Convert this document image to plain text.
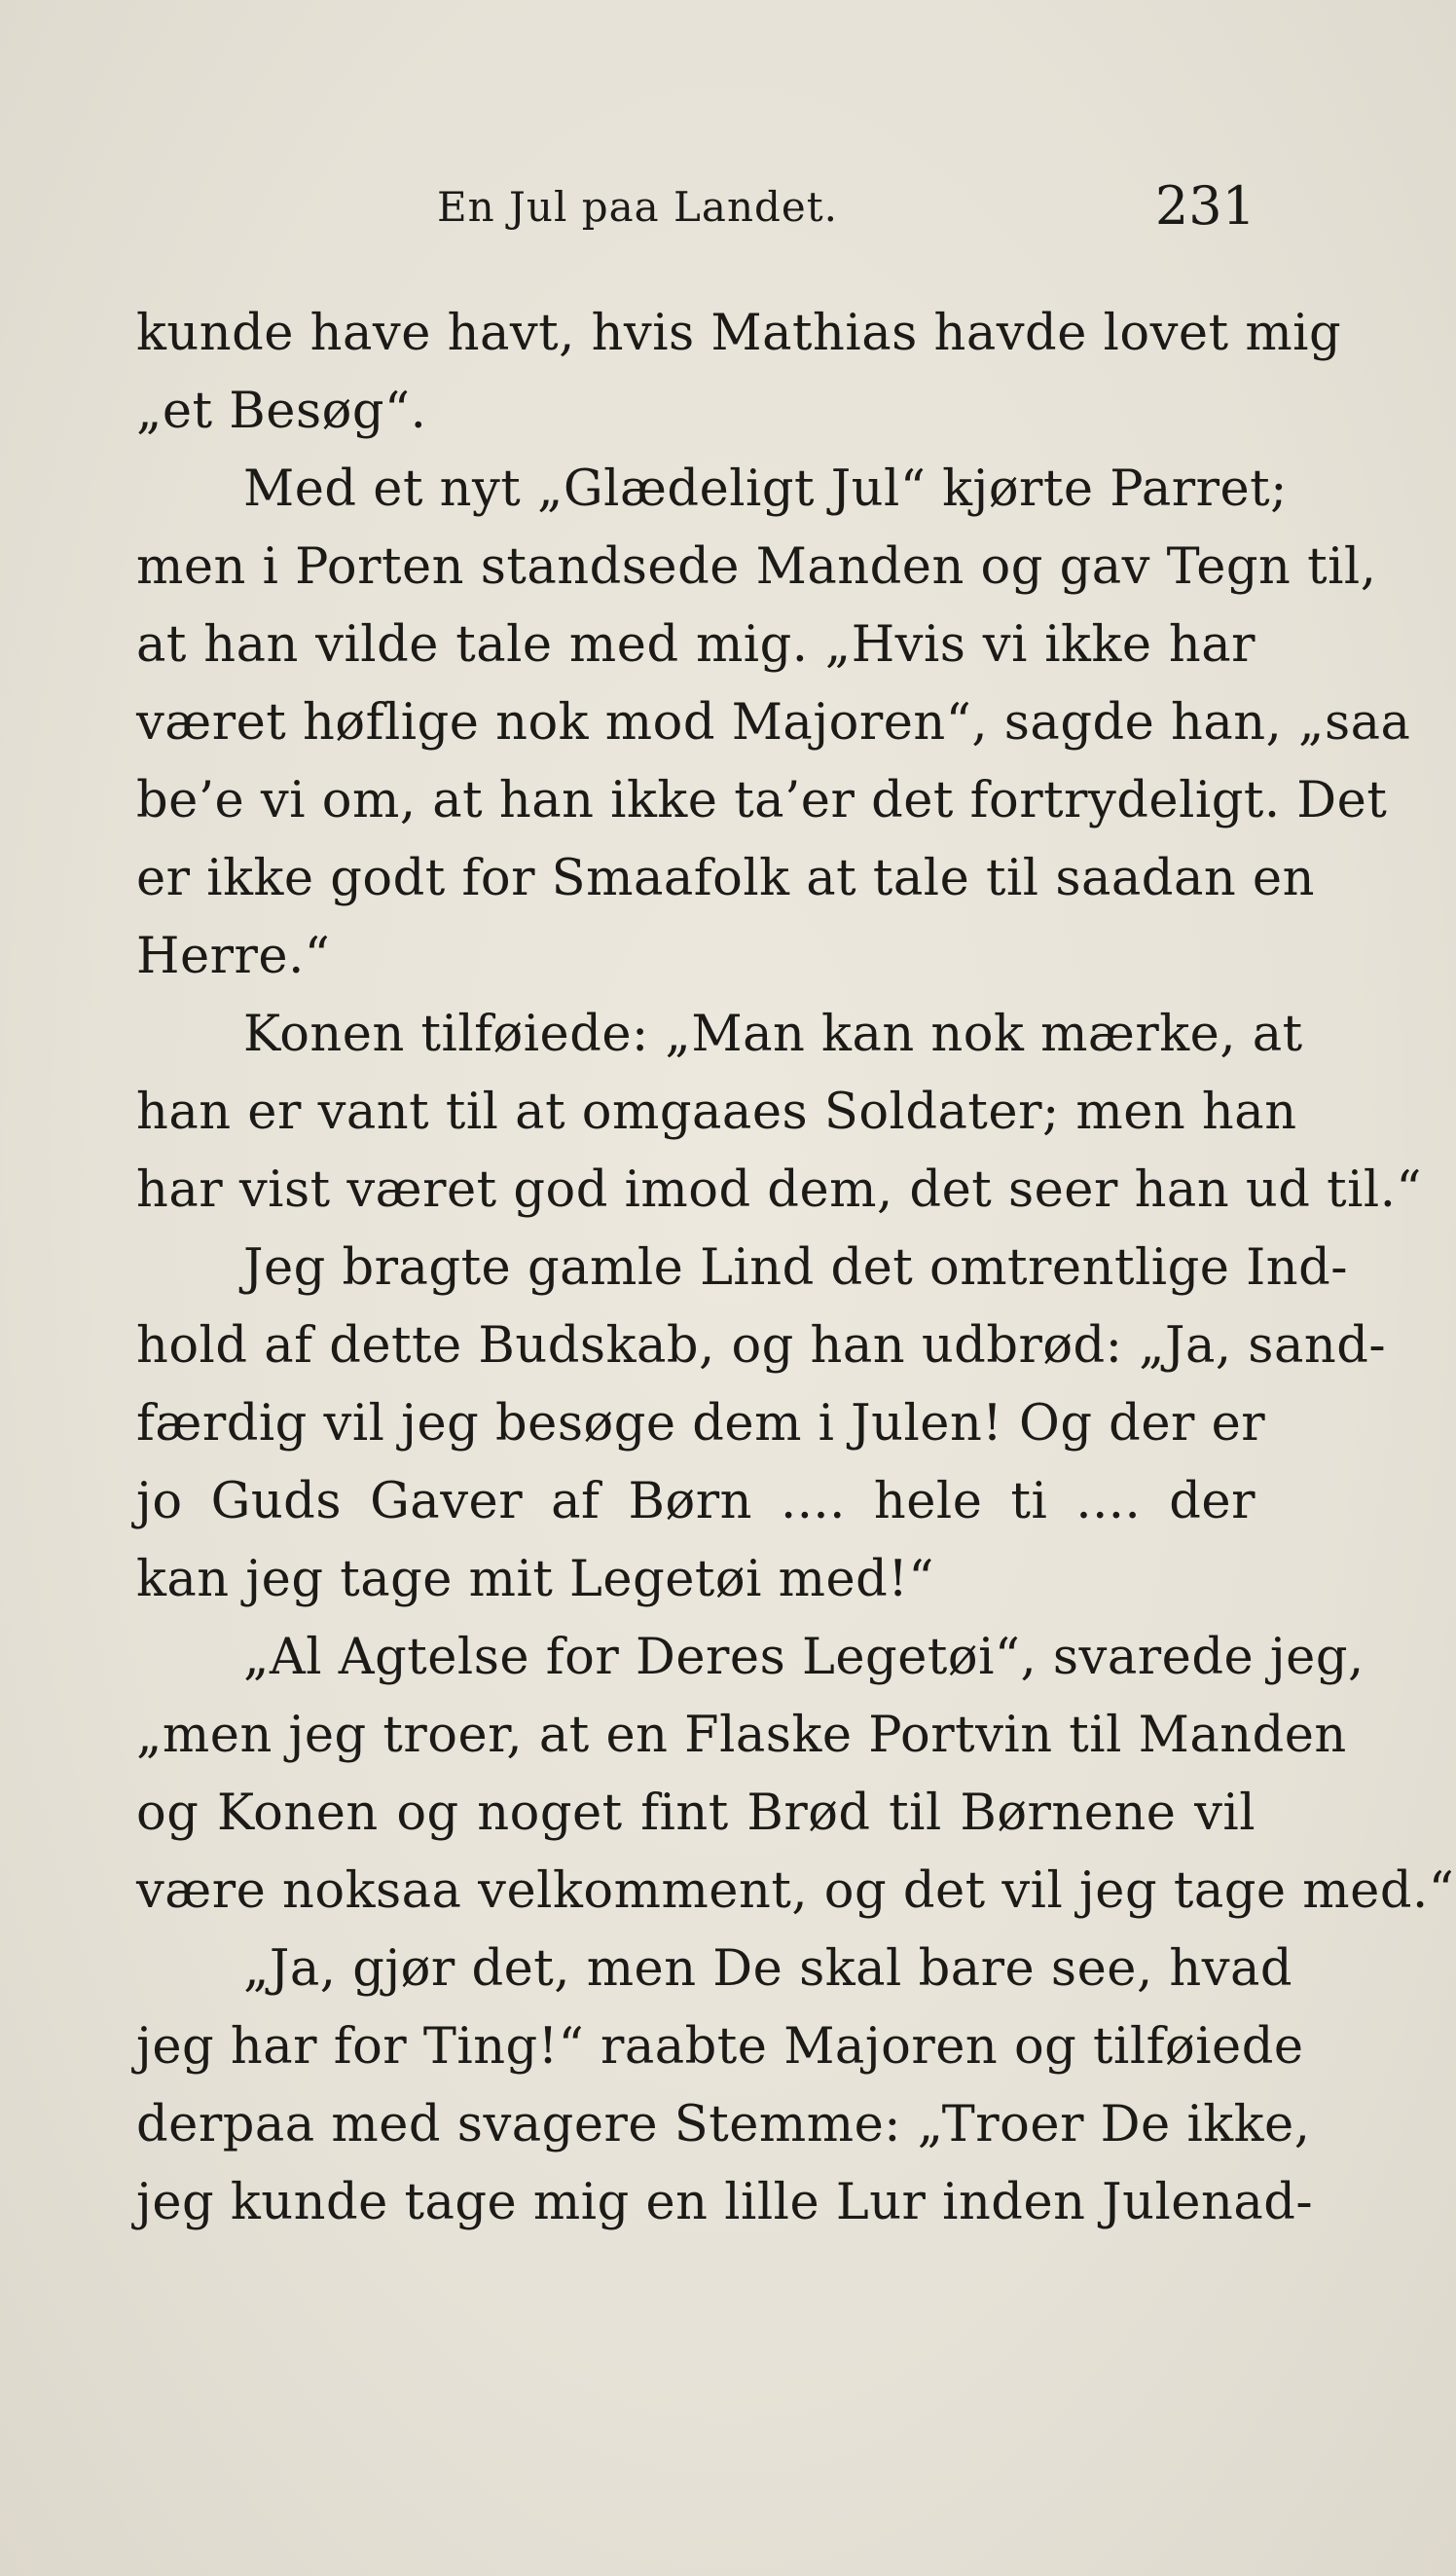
En Jul paa Landet.	231
kunde have havt, hvis Mathias havde lovet mig
„et Besøg“.
Med et nyt „Glædeligt Jul“ kjørte Parret;
men i Porten standsede Manden og gav Tegn til,
at han vilde tale med mig. „Hvis vi ikke har
været høflige nok mod Majoren“, sagde han, „saa
be’e vi om, at han ikke ta’er det fortrydeligt. Det
er ikke godt for Smaafolk at tale til saadan en
Herre.“
Konen tilføiede: „Man kan nok mærke, at
han er vant til at omgaaes Soldater; men han
har vist været god imod dem, det seer han ud til.“
Jeg bragte gamle Lind det omtrentlige Ind-
hold af dette Budskab, og han udbrød: „Ja, sand-
færdig vil jeg besøge dem i Julen! Og der er
jo Guds Gaver af Børn .... hele ti .... der
kan jeg tage mit Legetøi med!“
„Al Agtelse for Deres Legetøi“, svarede jeg,
„men jeg troer, at en Flaske Portvin til Manden
og Konen og noget fint Brød til Børnene vil
være noksaa velkomment, og det vil jeg tage med.“
„Ja, gjør det, men De skal bare see, hvad
jeg har for Ting!“ raabte Majoren og tilføiede
derpaa med svagere Stemme: „Troer De ikke,
jeg kunde tage mig en lille Lur inden Julenad-
